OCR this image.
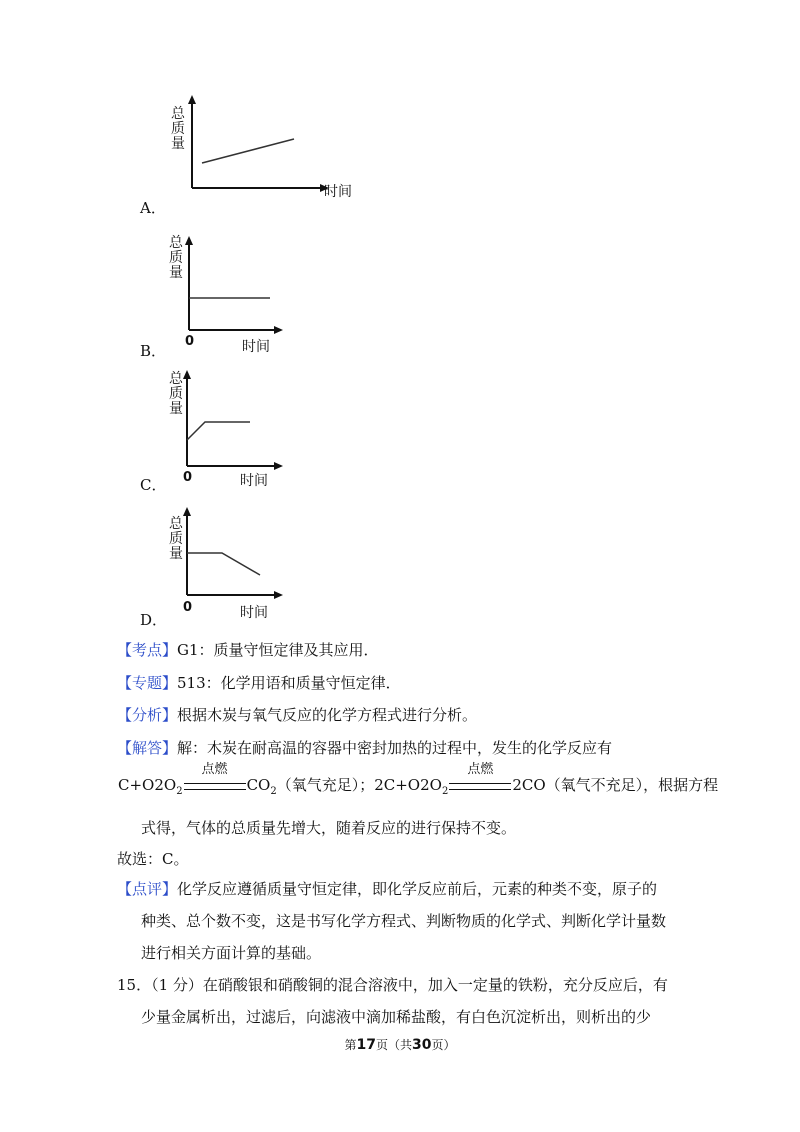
总
质
量
时间
A．
总
质
量
0	时间
B．
总
质
量
0	时间
C．
总
质
量
0	时间
D．
【考点】G1：质量守恒定律及其应用．
【专题】513：化学用语和质量守恒定律．
【分析】根据木炭与氧气反应的化学方程式进行分析。
【解答】解：木炭在耐高温的容器中密封加热的过程中，发生的化学反应有
$C+O2O_2$
点燃
$CO_2$（氧气充足）；$2C+O2O_2$
点燃
2CO（氧气不充足），根据方程
式得，气体的总质量先增大，随着反应的进行保持不变。
故选：C。
【点评】化学反应遵循质量守恒定律，即化学反应前后，元素的种类不变，原子的
种类、总个数不变，这是书写化学方程式、判断物质的化学式、判断化学计量数
进行相关方面计算的基础。
15．（1 分）在硝酸银和硝酸铜的混合溶液中，加入一定量的铁粉，充分反应后，有
少量金属析出，过滤后，向滤液中滴加稀盐酸，有白色沉淀析出，则析出的少
第17页（共30页）
